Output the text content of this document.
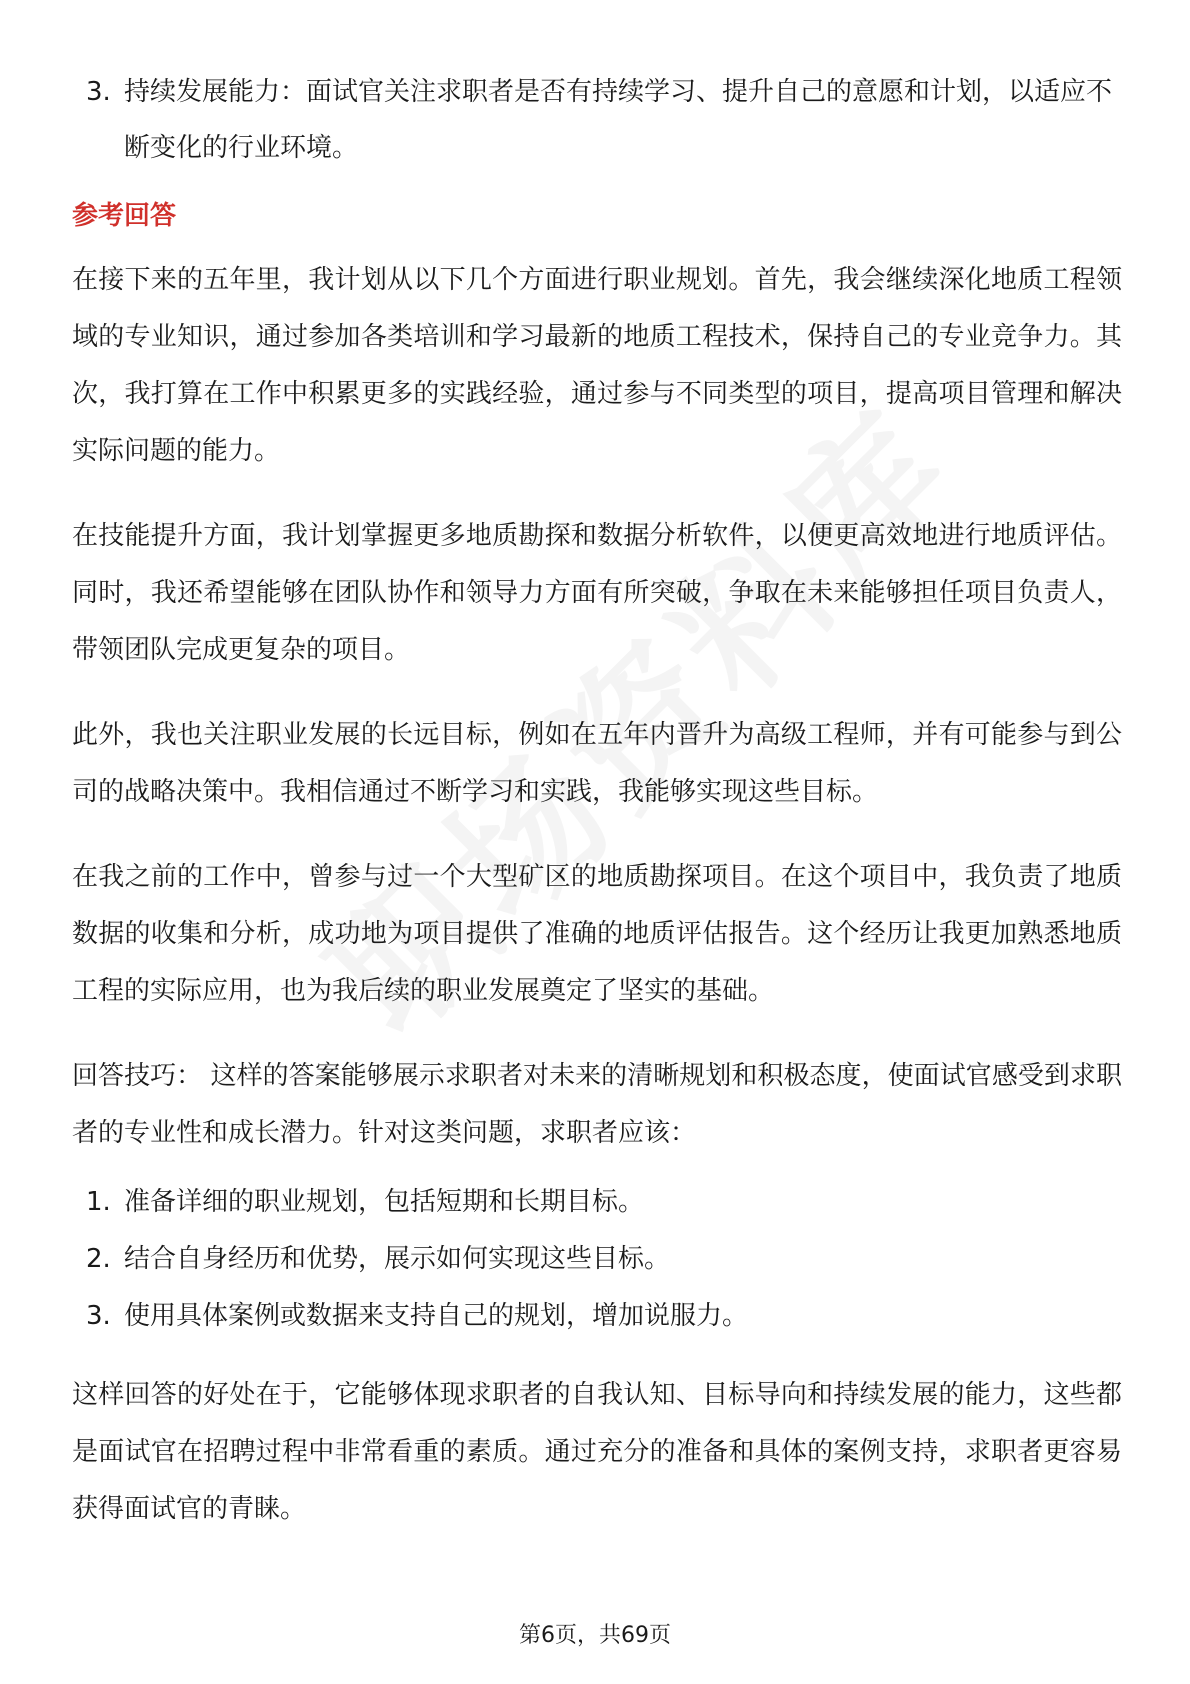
3. 持续发展能力：面试官关注求职者是否有持续学习、提升自己的意愿和计划，以适应不断变化的行业环境。
参考回答

在接下来的五年里，我计划从以下几个方面进行职业规划。首先，我会继续深化地质工程领域的专业知识，通过参加各类培训和学习最新的地质工程技术，保持自己的专业竞争力。其次，我打算在工作中积累更多的实践经验，通过参与不同类型的项目，提高项目管理和解决实际问题的能力。

在技能提升方面，我计划掌握更多地质勘探和数据分析软件，以便更高效地进行地质评估。同时，我还希望能够在团队协作和领导力方面有所突破，争取在未来能够担任项目负责人，带领团队完成更复杂的项目。

此外，我也关注职业发展的长远目标，例如在五年内晋升为高级工程师，并有可能参与到公司的战略决策中。我相信通过不断学习和实践，我能够实现这些目标。

在我之前的工作中，曾参与过一个大型矿区的地质勘探项目。在这个项目中，我负责了地质数据的收集和分析，成功地为项目提供了准确的地质评估报告。这个经历让我更加熟悉地质工程的实际应用，也为我后续的职业发展奠定了坚实的基础。

回答技巧： 这样的答案能够展示求职者对未来的清晰规划和积极态度，使面试官感受到求职者的专业性和成长潜力。针对这类问题，求职者应该：

1. 准备详细的职业规划，包括短期和长期目标。
2. 结合自身经历和优势，展示如何实现这些目标。
3. 使用具体案例或数据来支持自己的规划，增加说服力。

这样回答的好处在于，它能够体现求职者的自我认知、目标导向和持续发展的能力，这些都是面试官在招聘过程中非常看重的素质。通过充分的准备和具体的案例支持，求职者更容易获得面试官的青睐。

第6页，共69页
